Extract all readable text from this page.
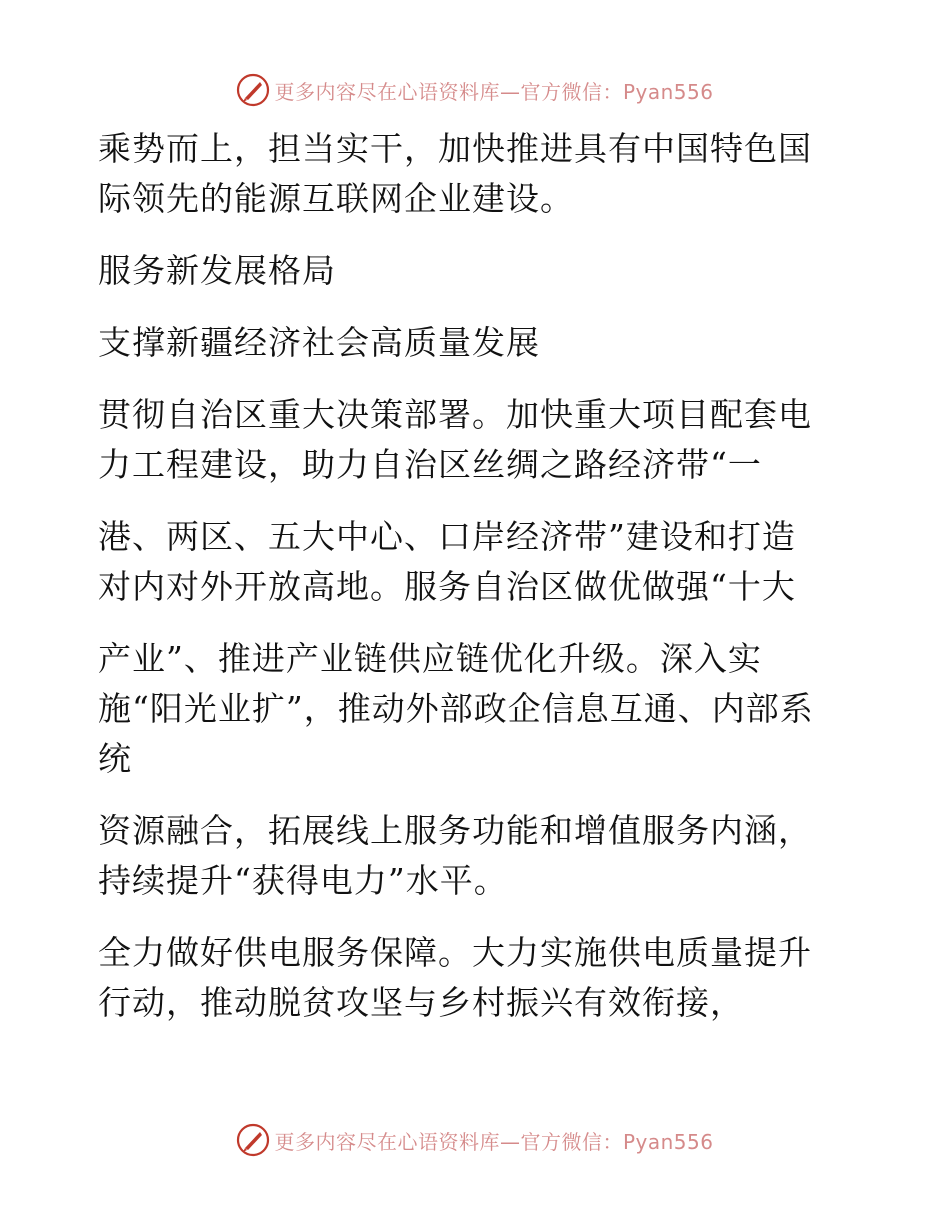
更多内容尽在心语资料库—官方微信：Pyan556

乘势而上，担当实干，加快推进具有中国特色国

际领先的能源互联网企业建设。

服务新发展格局

支撑新疆经济社会高质量发展

贯彻自治区重大决策部署。加快重大项目配套电

力工程建设，助力自治区丝绸之路经济带“一

港、两区、五大中心、口岸经济带”建设和打造

对内对外开放高地。服务自治区做优做强“十大

产业”、推进产业链供应链优化升级。深入实

施“阳光业扩”，推动外部政企信息互通、内部系

统

资源融合，拓展线上服务功能和增值服务内涵，

持续提升“获得电力”水平。

全力做好供电服务保障。大力实施供电质量提升

行动，推动脱贫攻坚与乡村振兴有效衔接，

更多内容尽在心语资料库—官方微信：Pyan556
